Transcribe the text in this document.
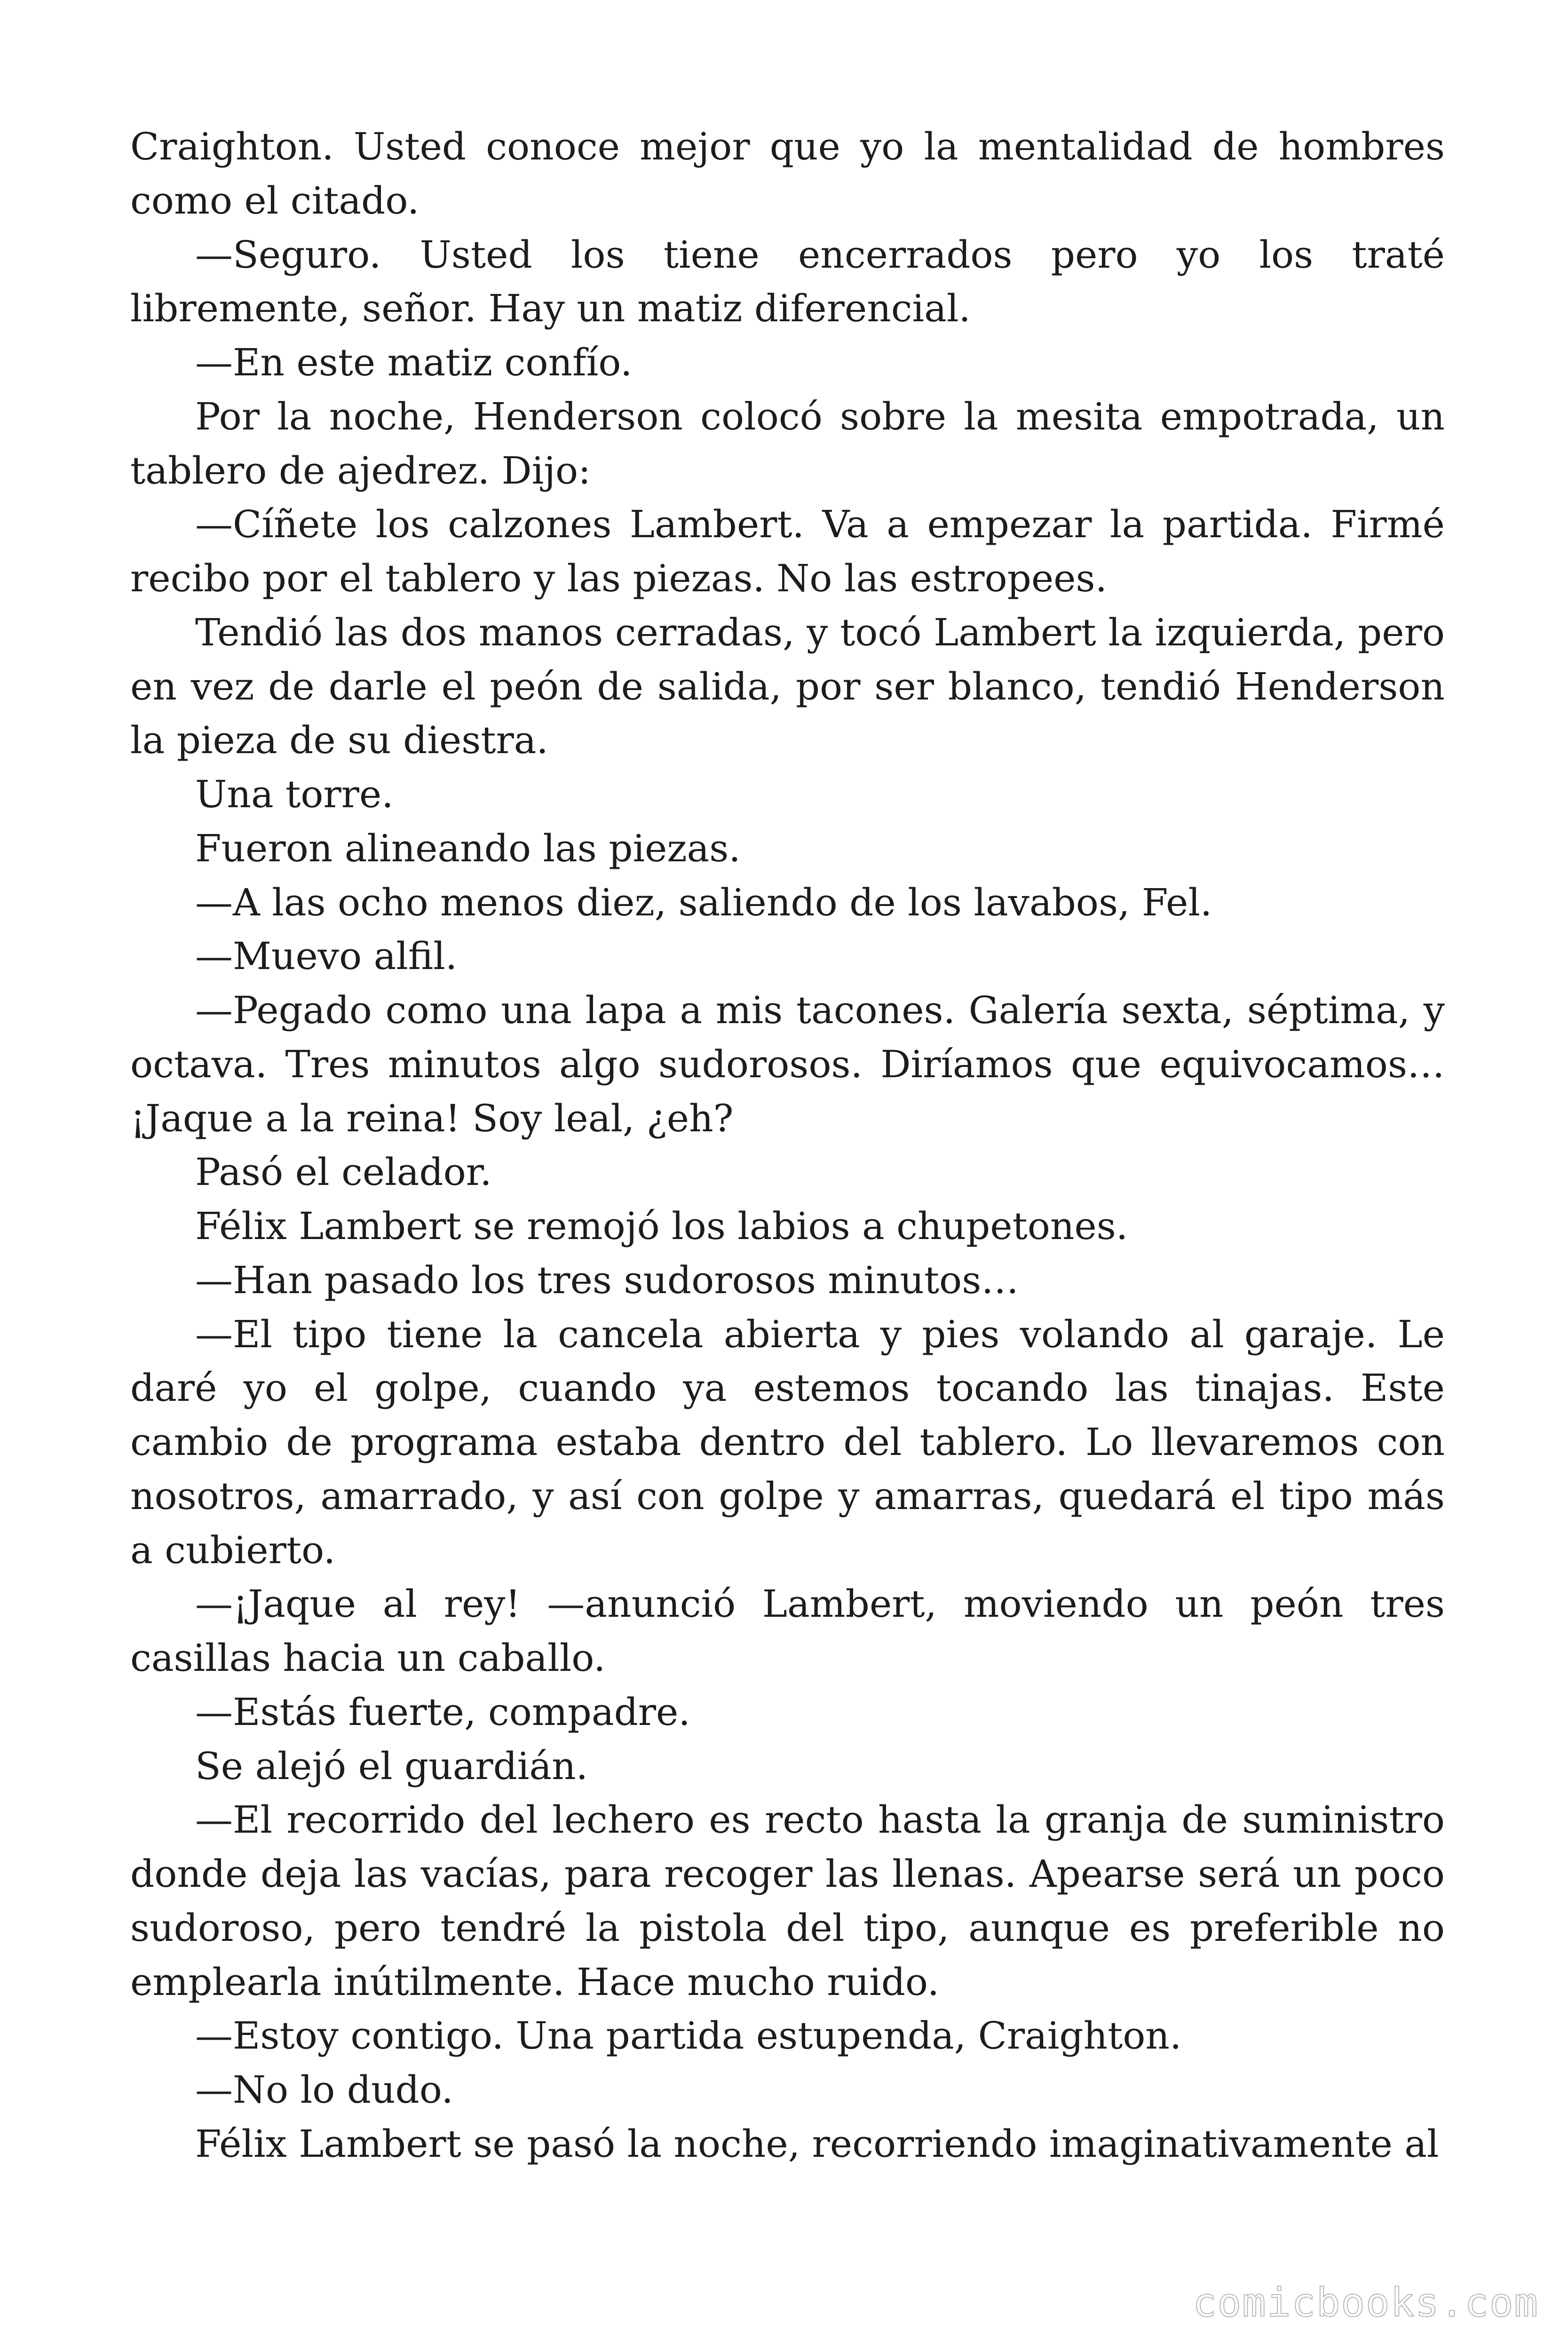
Craighton. Usted conoce mejor que yo la mentalidad de hombres como el citado.

—Seguro. Usted los tiene encerrados pero yo los traté libremente, señor. Hay un matiz diferencial.

—En este matiz confío.

Por la noche, Henderson colocó sobre la mesita empotrada, un tablero de ajedrez. Dijo:

—Cíñete los calzones Lambert. Va a empezar la partida. Firmé recibo por el tablero y las piezas. No las estropees.

Tendió las dos manos cerradas, y tocó Lambert la izquierda, pero en vez de darle el peón de salida, por ser blanco, tendió Henderson la pieza de su diestra.

Una torre.

Fueron alineando las piezas.

—A las ocho menos diez, saliendo de los lavabos, Fel.

—Muevo alfil.

—Pegado como una lapa a mis tacones. Galería sexta, séptima, y octava. Tres minutos algo sudorosos. Diríamos que equivocamos… ¡Jaque a la reina! Soy leal, ¿eh?

Pasó el celador.

Félix Lambert se remojó los labios a chupetones.

—Han pasado los tres sudorosos minutos…

—El tipo tiene la cancela abierta y pies volando al garaje. Le daré yo el golpe, cuando ya estemos tocando las tinajas. Este cambio de programa estaba dentro del tablero. Lo llevaremos con nosotros, amarrado, y así con golpe y amarras, quedará el tipo más a cubierto.

—¡Jaque al rey! —anunció Lambert, moviendo un peón tres casillas hacia un caballo.

—Estás fuerte, compadre.

Se alejó el guardián.

—El recorrido del lechero es recto hasta la granja de suministro donde deja las vacías, para recoger las llenas. Apearse será un poco sudoroso, pero tendré la pistola del tipo, aunque es preferible no emplearla inútilmente. Hace mucho ruido.

—Estoy contigo. Una partida estupenda, Craighton.

—No lo dudo.

Félix Lambert se pasó la noche, recorriendo imaginativamente al

comicbooks.com
